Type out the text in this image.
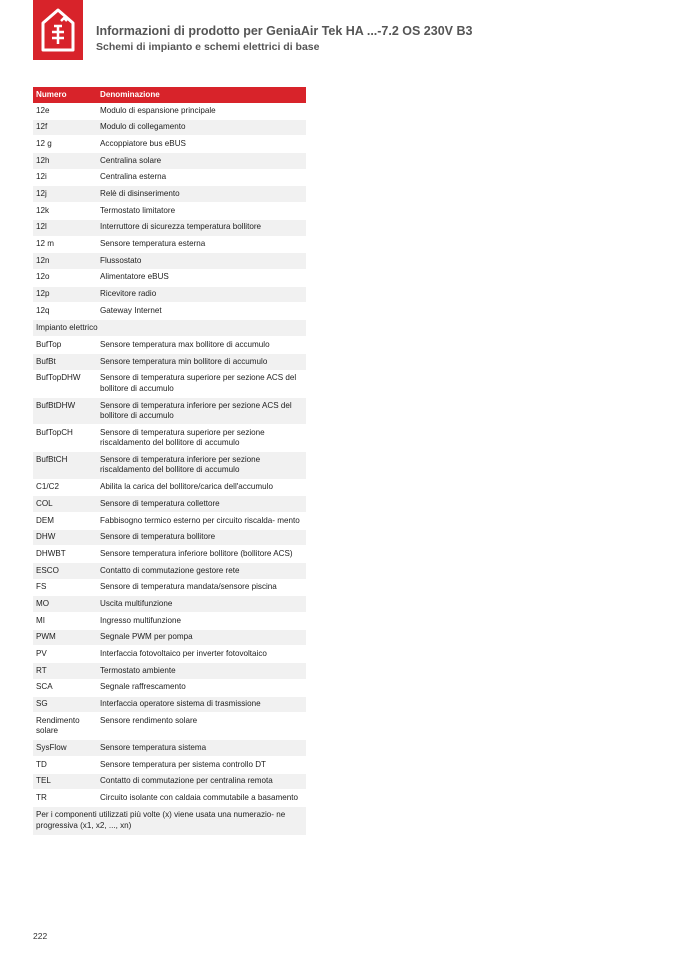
Informazioni di prodotto per GeniaAir Tek HA ...-7.2 OS 230V B3
Schemi di impianto e schemi elettrici di base
Numero	Denominazione
12e	Modulo di espansione principale
12f	Modulo di collegamento
12 g	Accoppiatore bus eBUS
12h	Centralina solare
12i	Centralina esterna
12j	Relè di disinserimento
12k	Termostato limitatore
12l	Interruttore di sicurezza temperatura bollitore
12 m	Sensore temperatura esterna
12n	Flussostato
12o	Alimentatore eBUS
12p	Ricevitore radio
12q	Gateway Internet
Impianto elettrico	
BufTop	Sensore temperatura max bollitore di accumulo
BufBt	Sensore temperatura min bollitore di accumulo
BufTopDHW	Sensore di temperatura superiore per sezione ACS del bollitore di accumulo
BufBtDHW	Sensore di temperatura inferiore per sezione ACS del bollitore di accumulo
BufTopCH	Sensore di temperatura superiore per sezione riscaldamento del bollitore di accumulo
BufBtCH	Sensore di temperatura inferiore per sezione riscaldamento del bollitore di accumulo
C1/C2	Abilita la carica del bollitore/carica dell'accumulo
COL	Sensore di temperatura collettore
DEM	Fabbisogno termico esterno per circuito riscalda- mento
DHW	Sensore di temperatura bollitore
DHWBT	Sensore temperatura inferiore bollitore (bollitore ACS)
ESCO	Contatto di commutazione gestore rete
FS	Sensore di temperatura mandata/sensore piscina
MO	Uscita multifunzione
MI	Ingresso multifunzione
PWM	Segnale PWM per pompa
PV	Interfaccia fotovoltaico per inverter fotovoltaico
RT	Termostato ambiente
SCA	Segnale raffrescamento
SG	Interfaccia operatore sistema di trasmissione
Rendimento solare	Sensore rendimento solare
SysFlow	Sensore temperatura sistema
TD	Sensore temperatura per sistema controllo DT
TEL	Contatto di commutazione per centralina remota
TR	Circuito isolante con caldaia commutabile a basamento
Per i componenti utilizzati più volte (x) viene usata una numerazio- ne progressiva (x1, x2, ..., xn)	
222
